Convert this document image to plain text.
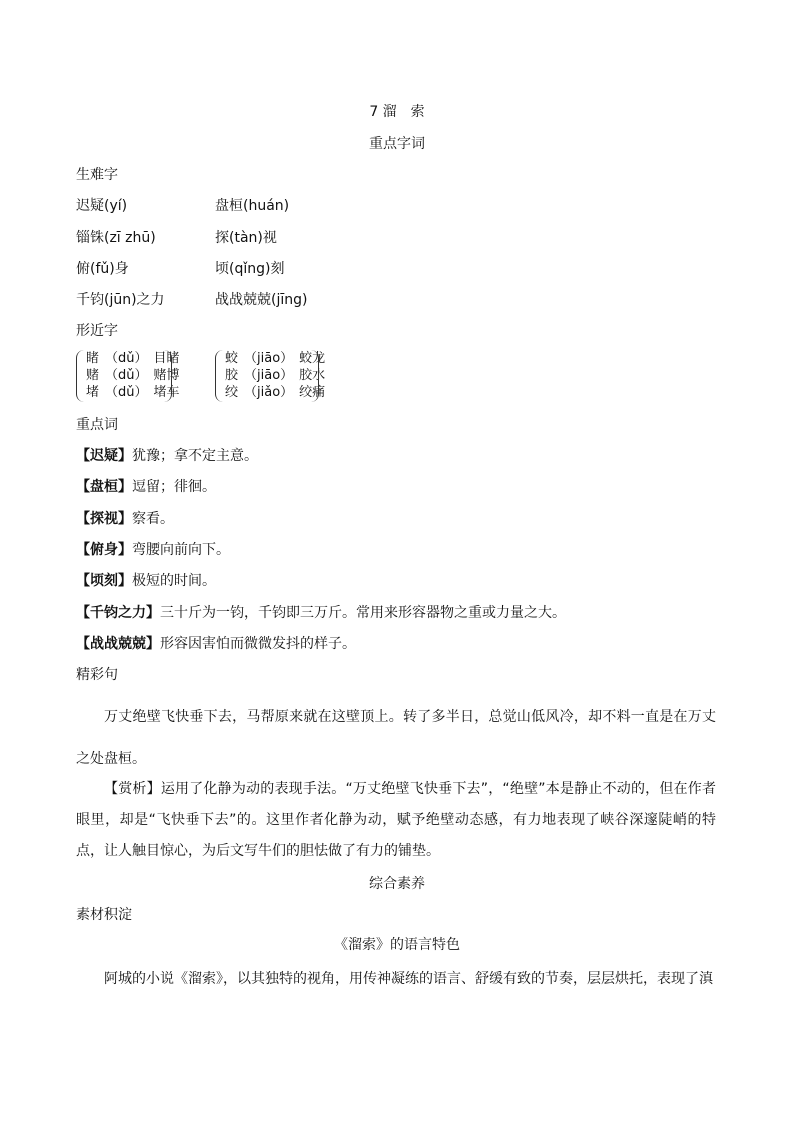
7 溜　索
重点字词
生难字
迟疑(yí)	盘桓(huán)
锱铢(zī zhū)	探(tàn)视
俯(fǔ)身	顷(qǐng)刻
千钧(jūn)之力	战战兢兢(jīng)
形近字
睹 （dǔ） 目睹
赌 （dǔ） 赌博
堵 （dǔ） 堵车
蛟 （jiāo） 蛟龙
胶 （jiāo） 胶水
绞 （jiǎo） 绞痛
重点词
【迟疑】犹豫；拿不定主意。
【盘桓】逗留；徘徊。
【探视】察看。
【俯身】弯腰向前向下。
【顷刻】极短的时间。
【千钧之力】三十斤为一钧，千钧即三万斤。常用来形容器物之重或力量之大。
【战战兢兢】形容因害怕而微微发抖的样子。
精彩句
万丈绝壁飞快垂下去，马帮原来就在这壁顶上。转了多半日，总觉山低风冷，却不料一直是在万丈之处盘桓。
【赏析】运用了化静为动的表现手法。“万丈绝壁飞快垂下去”，“绝壁”本是静止不动的，但在作者眼里，却是“飞快垂下去”的。这里作者化静为动，赋予绝壁动态感，有力地表现了峡谷深邃陡峭的特点，让人触目惊心，为后文写牛们的胆怯做了有力的铺垫。
综合素养
素材积淀
《溜索》的语言特色
阿城的小说《溜索》，以其独特的视角，用传神凝练的语言、舒缓有致的节奏，层层烘托，表现了滇
